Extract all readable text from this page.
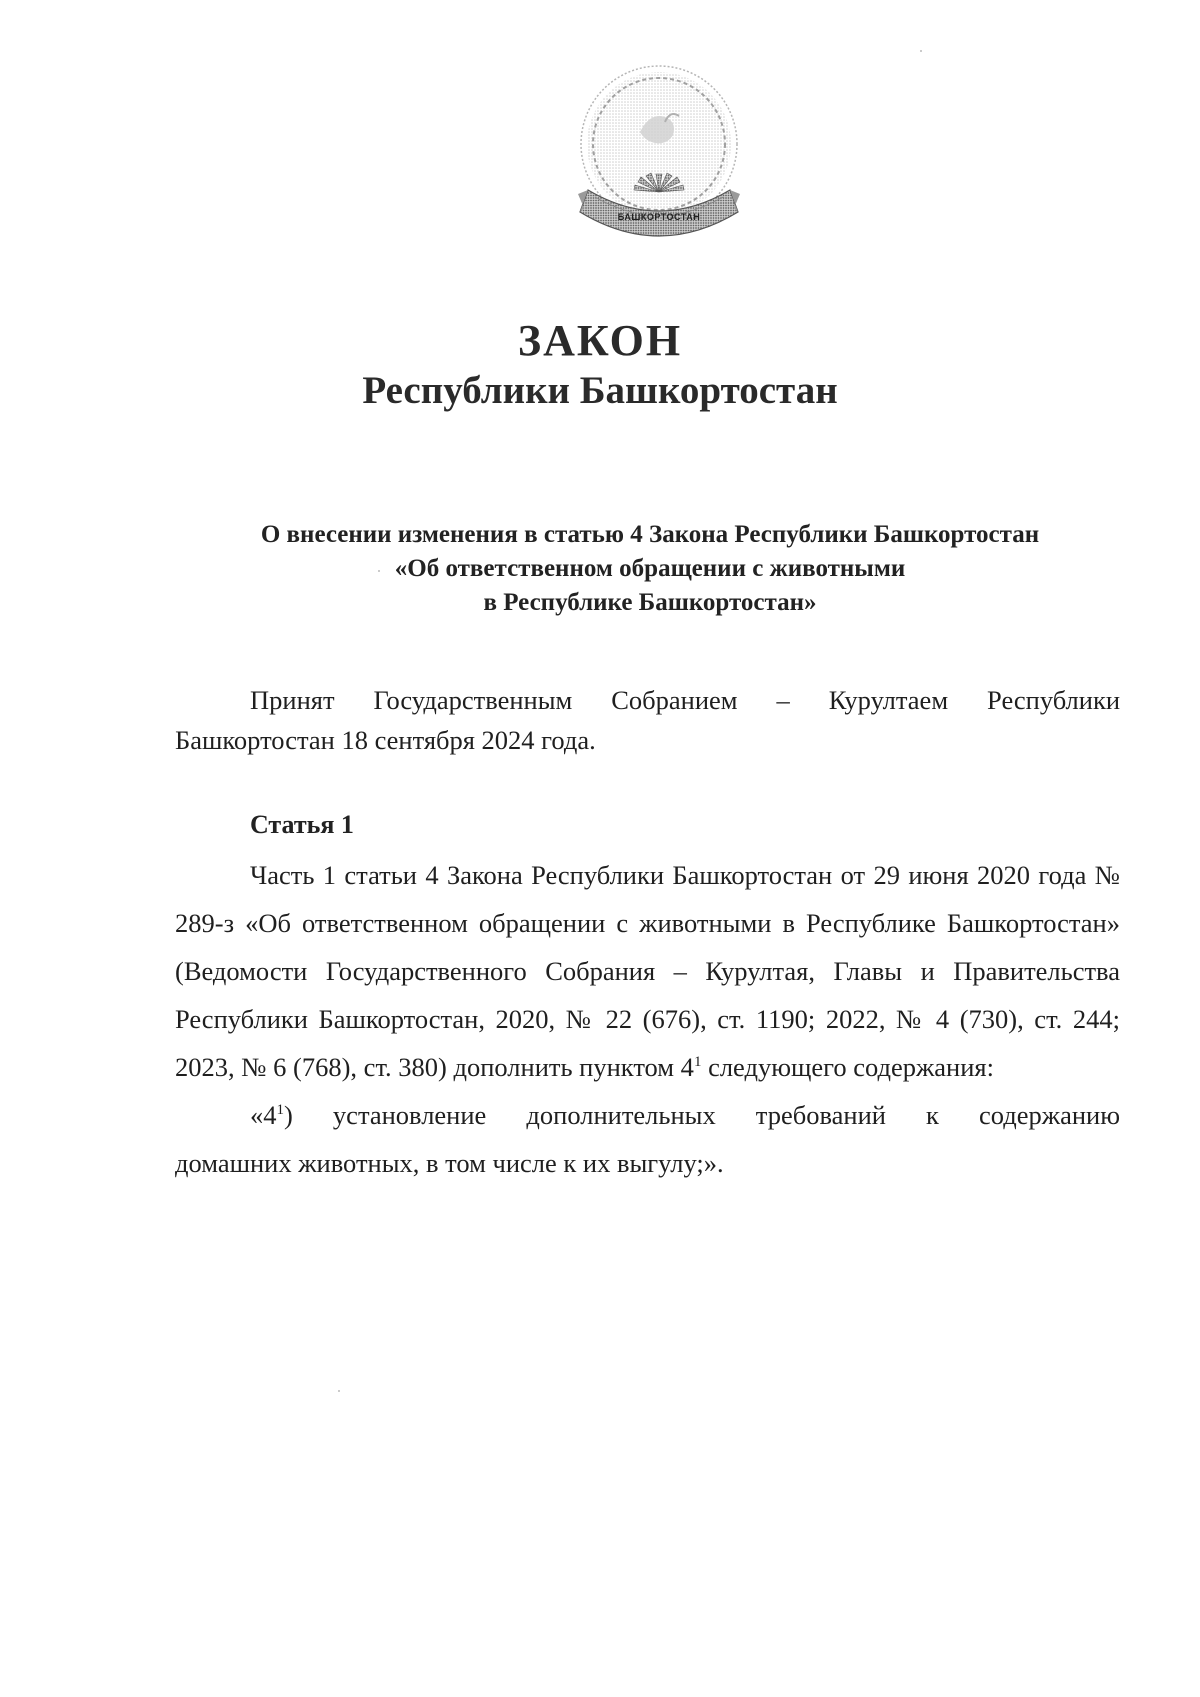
БАШКОРТОСТАН
ЗАКОН
Республики Башкортостан
О внесении изменения в статью 4 Закона Республики Башкортостан
«Об ответственном обращении с животными
в Республике Башкортостан»
Принят Государственным Собранием – Курултаем Республики
Башкортостан 18 сентября 2024 года.
Статья 1

Часть 1 статьи 4 Закона Республики Башкортостан от 29 июня 2020 года № 289-з «Об ответственном обращении с животными в Республике Башкортостан» (Ведомости Государственного Собрания – Курултая, Главы и Правительства Республики Башкортостан, 2020, № 22 (676), ст. 1190; 2022, № 4 (730), ст. 244; 2023, № 6 (768), ст. 380) дополнить пунктом $4^1$ следующего содержания:

«$4^1$) установление дополнительных требований к содержанию
домашних животных, в том числе к их выгулу;».
